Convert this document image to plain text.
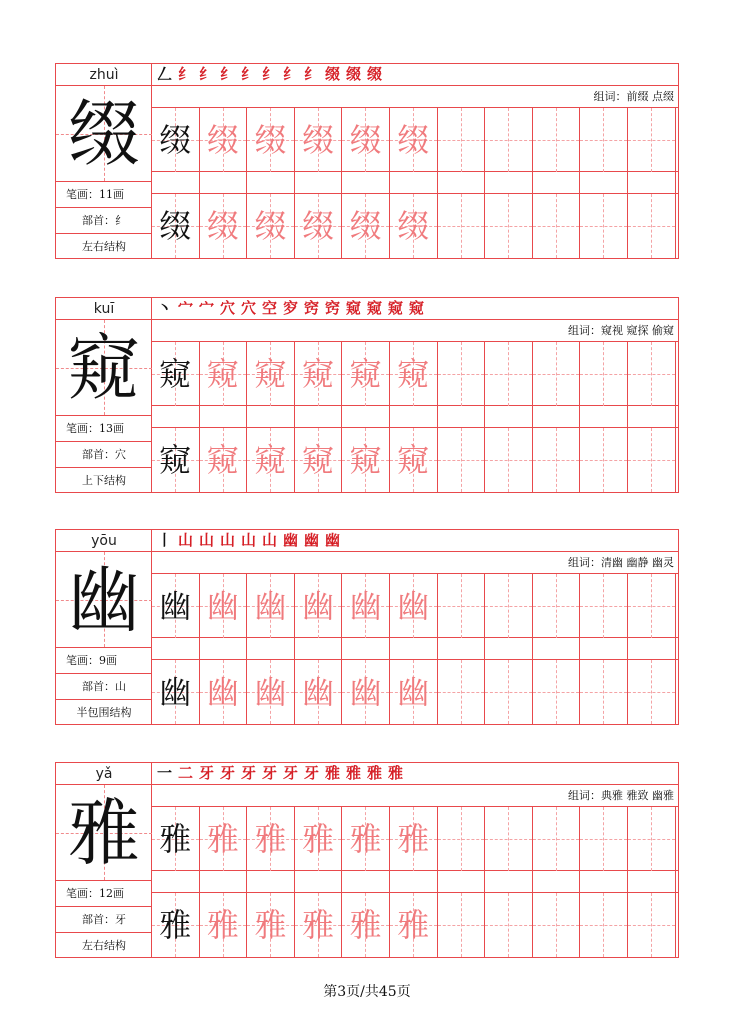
zhuì
缀
笔画：11画
部首：纟
左右结构
𠃋 纟 纟 纟 纟 纟 纟 纟 缀 缀 缀
组词：前缀 点缀
缀 缀 缀 缀 缀 缀
缀 缀 缀 缀 缀 缀
kuī
窥
笔画：13画
部首：穴
上下结构
丶 宀 宀 穴 穴 空 穸 窍 窍 窥 窥 窥 窥
组词：窥视 窥探 偷窥
窥 窥 窥 窥 窥 窥
窥 窥 窥 窥 窥 窥
yōu
幽
笔画：9画
部首：山
半包围结构
丨 山 山 山 山 山 幽 幽 幽
组词：清幽 幽静 幽灵
幽 幽 幽 幽 幽 幽
幽 幽 幽 幽 幽 幽
yǎ
雅
笔画：12画
部首：牙
左右结构
一 二 牙 牙 牙 牙 牙 牙 雅 雅 雅 雅
组词：典雅 雅致 幽雅
雅 雅 雅 雅 雅 雅
雅 雅 雅 雅 雅 雅
第3页/共45页
